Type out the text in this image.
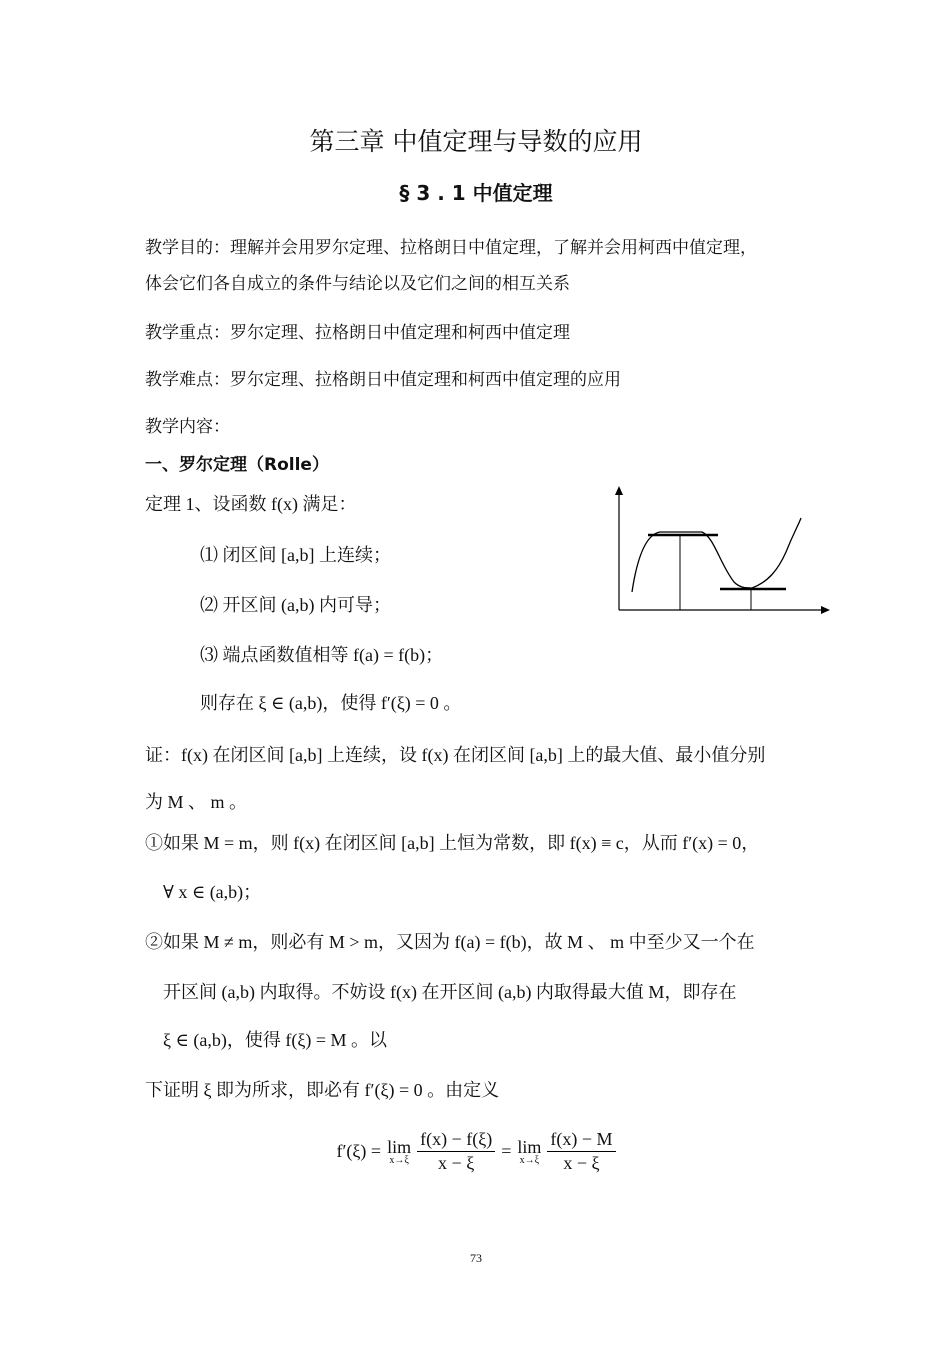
第三章 中值定理与导数的应用
§ 3 . 1 中值定理
教学目的：理解并会用罗尔定理、拉格朗日中值定理，了解并会用柯西中值定理，
体会它们各自成立的条件与结论以及它们之间的相互关系
教学重点：罗尔定理、拉格朗日中值定理和柯西中值定理
教学难点：罗尔定理、拉格朗日中值定理和柯西中值定理的应用
教学内容：
一、罗尔定理（Rolle）
定理 1、设函数 f(x) 满足：
⑴ 闭区间 [a,b] 上连续；
⑵ 开区间 (a,b) 内可导；
⑶ 端点函数值相等 f(a) = f(b)；
则存在 ξ ∈ (a,b)，使得 f′(ξ) = 0 。
证：f(x) 在闭区间 [a,b] 上连续，设 f(x) 在闭区间 [a,b] 上的最大值、最小值分别
为 M 、 m 。
①如果 M = m，则 f(x) 在闭区间 [a,b] 上恒为常数，即 f(x) ≡ c，从而 f′(x) = 0，
∀ x ∈ (a,b)；
②如果 M ≠ m，则必有 M > m，又因为 f(a) = f(b)，故 M 、 m 中至少又一个在
开区间 (a,b) 内取得。不妨设 f(x) 在开区间 (a,b) 内取得最大值 M，即存在
ξ ∈ (a,b)，使得 f(ξ) = M 。以
下证明 ξ 即为所求，即必有 f′(ξ) = 0 。由定义
f′(ξ) = lim
$x\to\xi \frac{f(x) - f(\xi)}{x - \xi} = \lim$
$x\to\xi \frac{f(x) - M}{x - \xi}$
73
